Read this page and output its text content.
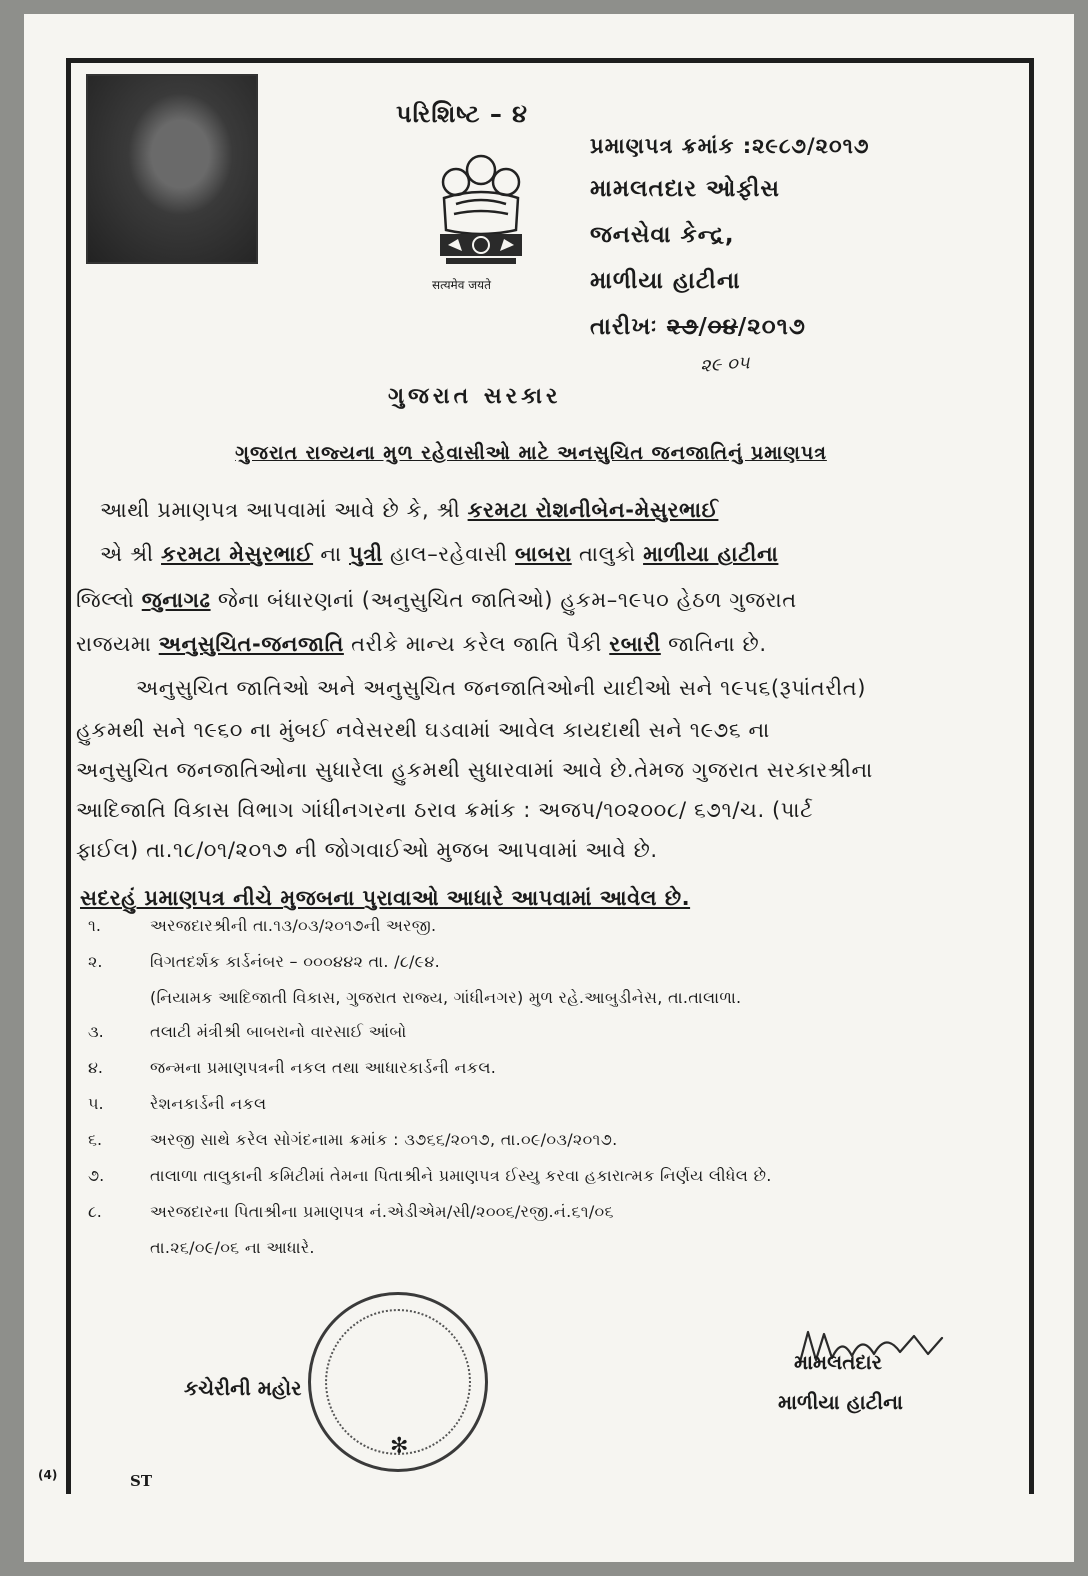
सत्यमेव जयते
પરિશિષ્ટ – ૪
પ્રમાણપત્ર ક્રમાંક :૨૯૮૭/૨૦૧૭
મામલતદાર ઓફીસ
જનસેવા કેન્દ્ર,
માળીયા હાટીના
તારીખઃ ૨૭/૦૪/૨૦૧૭
૨૯ ૦૫
ગુજરાત સરકાર
ગુજરાત રાજ્યના મુળ રહેવાસીઓ માટે અનસુચિત જનજાતિનું પ્રમાણપત્ર
આથી પ્રમાણપત્ર આપવામાં આવે છે કે, શ્રી કરમટા રોશનીબેન-મેસુરભાઈ
એ શ્રી કરમટા મેસુરભાઈ ના પુત્રી હાલ–રહેવાસી બાબરા તાલુકો માળીયા હાટીના
જિલ્લો જુનાગઢ જેના બંધારણનાં (અનુસુચિત જાતિઓ) હુકમ–૧૯૫૦ હેઠળ ગુજરાત
રાજયમા અનુસુચિત-જનજાતિ તરીકે માન્ય કરેલ જાતિ પૈકી રબારી જાતિના છે.
અનુસુચિત જાતિઓ અને અનુસુચિત જનજાતિઓની યાદીઓ સને ૧૯૫૬(રૂપાંતરીત)
હુકમથી સને ૧૯૬૦ ના મુંબઈ નવેસરથી ઘડવામાં આવેલ કાયદાથી સને ૧૯૭૬ ના
અનુસુચિત જનજાતિઓના સુધારેલા હુકમથી સુધારવામાં આવે છે.તેમજ ગુજરાત સરકારશ્રીના
આદિજાતિ વિકાસ વિભાગ ગાંધીનગરના ઠરાવ ક્રમાંક : અજપ/૧૦૨૦૦૮/ ૬૭૧/ચ. (પાર્ટ
ફાઈલ) તા.૧૮/૦૧/૨૦૧૭ ની જોગવાઈઓ મુજબ આપવામાં આવે છે.
સદરહું પ્રમાણપત્ર નીચે મુજબના પુરાવાઓ આધારે આપવામાં આવેલ છે.
૧.	અરજદારશ્રીની તા.૧૩/૦૩/૨૦૧૭ની અરજી.
૨.	વિગતદર્શક કાર્ડનંબર – ૦૦૦૪૪૨ તા. /૮/૯૪.
(નિયામક આદિજાતી વિકાસ, ગુજરાત રાજ્ય, ગાંધીનગર) મુળ રહે.આબુડીનેસ, તા.તાલાળા.
૩.	તલાટી મંત્રીશ્રી બાબરાનો વારસાઈ આંબો
૪.	જન્મના પ્રમાણપત્રની નકલ તથા આધારકાર્ડની નકલ.
૫.	રેશનકાર્ડની નકલ
૬.	અરજી સાથે કરેલ સોગંદનામા ક્રમાંક : ૩૭૬૬/૨૦૧૭, તા.૦૯/૦૩/૨૦૧૭.
૭.	તાલાળા તાલુકાની કમિટીમાં તેમના પિતાશ્રીને પ્રમાણપત્ર ઈસ્યુ કરવા હકારાત્મક નિર્ણય લીધેલ છે.
૮.	અરજદારના પિતાશ્રીના પ્રમાણપત્ર નં.એડીએમ/સી/૨૦૦૬/રજી.નં.૬૧/૦૬
તા.૨૬/૦૯/૦૬ ના આધારે.
✻
કચેરીની મહોર
મામલતદાર
માળીયા હાટીના
(4)	ST
